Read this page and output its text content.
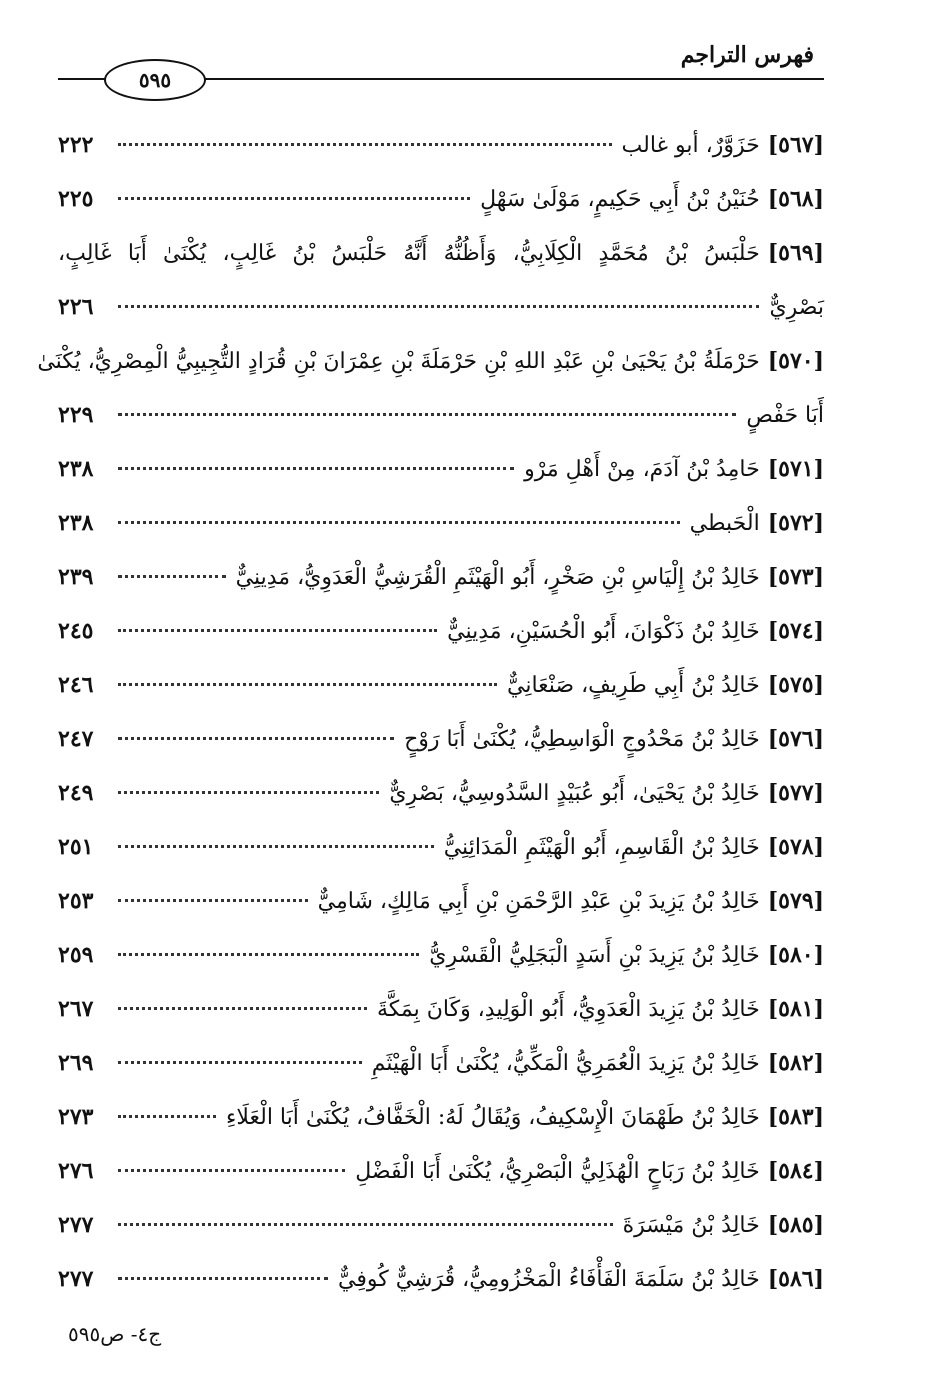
فهرس التراجم
٥٩٥
[٥٦٧]
حَزَوَّرٌ، أبو غالب
٢٢٢
[٥٦٨]
حُنَيْنُ بْنُ أَبِي حَكِيمٍ، مَوْلَىٰ سَهْلٍ
٢٢٥
[٥٦٩]حَلْبَسُ بْنُ مُحَمَّدٍ الْكِلَابِيُّ، وَأَظُنُّهُ أَنَّهُ حَلْبَسُ بْنُ غَالِبٍ، يُكْنَىٰ أَبَا غَالِبٍ،
بَصْرِيٌّ
٢٢٦
[٥٧٠]حَرْمَلَةُ بْنُ يَحْيَىٰ بْنِ عَبْدِ اللهِ بْنِ حَرْمَلَةَ بْنِ عِمْرَانَ بْنِ قُرَادٍ التُّجِيبِيُّ الْمِصْرِيُّ، يُكْنَىٰ
أَبَا حَفْصٍ
٢٢٩
[٥٧١]
حَامِدُ بْنُ آدَمَ، مِنْ أَهْلِ مَرْو
٢٣٨
[٥٧٢]
الْحَبطي
٢٣٨
[٥٧٣]
خَالِدُ بْنُ إِلْيَاسِ بْنِ صَخْرٍ، أَبُو الْهَيْثَمِ الْقُرَشِيُّ الْعَدَوِيُّ، مَدِينِيٌّ
٢٣٩
[٥٧٤]
خَالِدُ بْنُ ذَكْوَانَ، أَبُو الْحُسَيْنِ، مَدِينِيٌّ
٢٤٥
[٥٧٥]
خَالِدُ بْنُ أَبِي طَرِيفٍ، صَنْعَانِيٌّ
٢٤٦
[٥٧٦]
خَالِدُ بْنُ مَحْدُوجٍ الْوَاسِطِيُّ، يُكْنَىٰ أَبَا رَوْحٍ
٢٤٧
[٥٧٧]
خَالِدُ بْنُ يَحْيَىٰ، أَبُو عُبَيْدٍ السَّدُوسِيُّ، بَصْرِيٌّ
٢٤٩
[٥٧٨]
خَالِدُ بْنُ الْقَاسِمِ، أَبُو الْهَيْثَمِ الْمَدَائِنِيُّ
٢٥١
[٥٧٩]
خَالِدُ بْنُ يَزِيدَ بْنِ عَبْدِ الرَّحْمَنِ بْنِ أَبِي مَالِكٍ، شَامِيٌّ
٢٥٣
[٥٨٠]
خَالِدُ بْنُ يَزِيدَ بْنِ أَسَدٍ الْبَجَلِيُّ الْقَسْرِيُّ
٢٥٩
[٥٨١]
خَالِدُ بْنُ يَزِيدَ الْعَدَوِيُّ، أَبُو الْوَلِيدِ، وَكَانَ بِمَكَّةَ
٢٦٧
[٥٨٢]
خَالِدُ بْنُ يَزِيدَ الْعُمَرِيُّ الْمَكِّيُّ، يُكْنَىٰ أَبَا الْهَيْثَمِ
٢٦٩
[٥٨٣]
خَالِدُ بْنُ طَهْمَانَ الْإِسْكِيفُ، وَيُقَالُ لَهُ: الْخَفَّافُ، يُكْنَىٰ أَبَا الْعَلَاءِ
٢٧٣
[٥٨٤]
خَالِدُ بْنُ رَبَاحٍ الْهُذَلِيُّ الْبَصْرِيُّ، يُكْنَىٰ أَبَا الْفَضْلِ
٢٧٦
[٥٨٥]
خَالِدُ بْنُ مَيْسَرَةَ
٢٧٧
[٥٨٦]
خَالِدُ بْنُ سَلَمَةَ الْفَأْفَاءُ الْمَخْزُومِيُّ، قُرَشِيٌّ كُوفِيٌّ
٢٧٧
ج٤- ص٥٩٥
